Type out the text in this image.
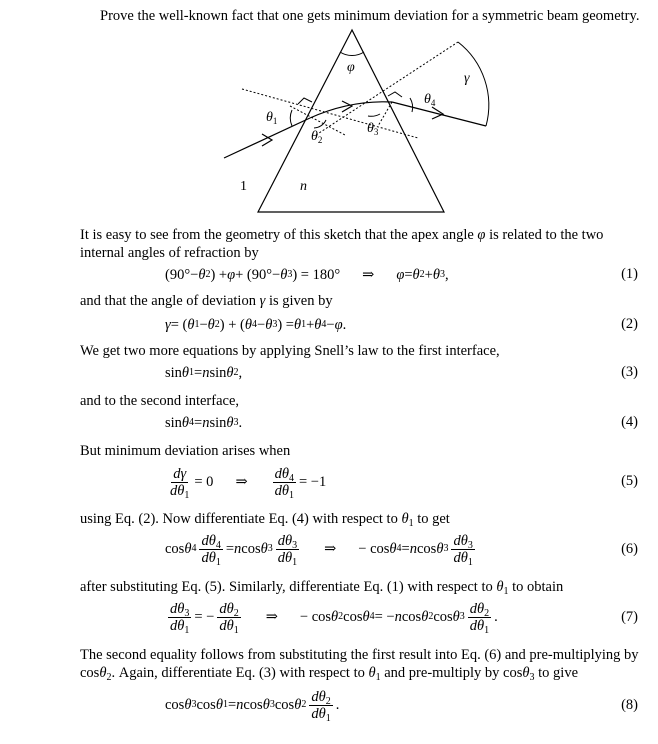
Prove the well-known fact that one gets minimum deviation for a symmetric beam geometry.
φ
γ
$\theta_1$
$\theta_2$
$\theta_3$
$\theta_4$
1	n
It is easy to see from the geometry of this sketch that the apex angle φ is related to the two
internal angles of refraction by
(90°− θ 2 ) + φ + (90°− θ 3 ) = 180° ⇒ φ = θ 2 + θ 3 ,	(1)
and that the angle of deviation γ is given by
γ = ( θ 1 − θ 2 ) + ( θ 4 − θ 3 ) = θ 1 + θ 4 − φ .	(2)
We get two more equations by applying Snell’s law to the first interface,
sin θ 1 = n sin θ 2 ,	(3)
and to the second interface,
sin θ 4 = n sin θ 3 .	(4)
But minimum deviation arises when
$\frac{d\gamma}{d\theta_1} = 0$ ⇒ $\frac{d\theta_4}{d\theta_1} = -1$	(5)
using Eq. (2). Now differentiate Eq. (4) with respect to $\theta_1$ to get
cos θ $4 \frac{d\theta_4}{d\theta_1} = n$ cos θ $3 \frac{d\theta_3}{d\theta_1}$ ⇒ − cos θ 4 = n cos θ $3 \frac{d\theta_3}{d\theta_1}$	(6)
after substituting Eq. (5). Similarly, differentiate Eq. (1) with respect to $\theta_1$ to obtain
$\frac{d\theta_3}{d\theta_1}$ = − $\frac{d\theta_2}{d\theta_1}$ ⇒ − cos θ 2 cos θ 4 = − n cos θ 2 cos θ $3 \frac{d\theta_2}{d\theta_1}$ .	(7)
The second equality follows from substituting the first result into Eq. (6) and pre-multiplying by
cosθ$_2$. Again, differentiate Eq. (3) with respect to $\theta_1$ and pre-multiply by cosθ$_3$ to give
cos θ 3 cos θ 1 = n cos θ 3 cos θ $2 \frac{d\theta_2}{d\theta_1}$ .	(8)
